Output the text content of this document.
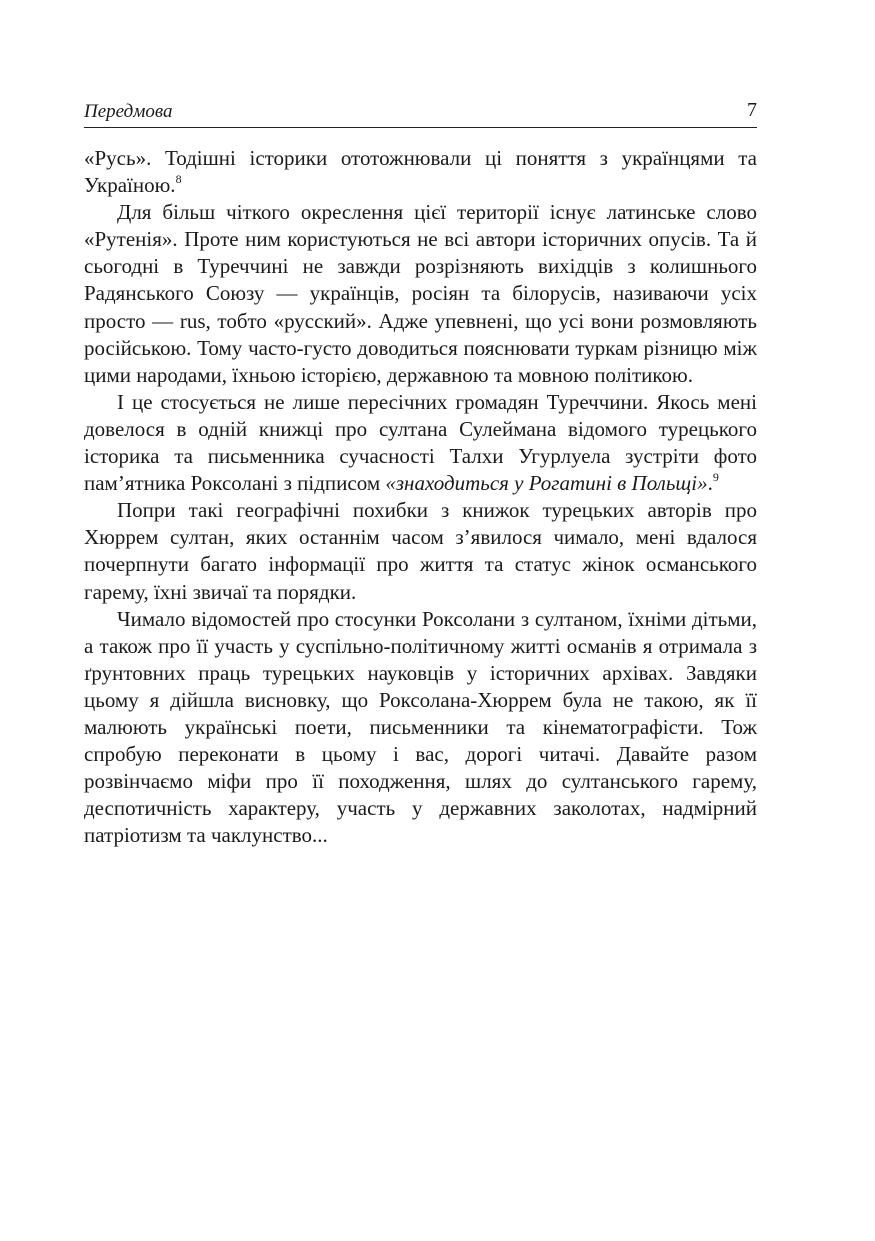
Передмова	7

«Русь». Тодішні історики ототожнювали ці поняття з українцями та Україною.$^8$

Для більш чіткого окреслення цієї території існує латинське слово «Рутенія». Проте ним користуються не всі автори історичних опусів. Та й сьогодні в Туреччині не завжди розрізняють вихідців з колишнього Радянського Союзу — українців, росіян та білорусів, називаючи усіх просто — rus, тобто «русский». Адже упевнені, що усі вони розмовляють російською. Тому часто-густо доводиться пояснювати туркам різницю між цими народами, їхньою історією, державною та мовною політикою.

І це стосується не лише пересічних громадян Туреччини. Якось мені довелося в одній книжці про султана Сулеймана відомого турецького історика та письменника сучасності Талхи Угурлуела зустріти фото пам’ятника Роксолані з підписом «знаходиться у Рогатині в Польщі».$^9$

Попри такі географічні похибки з книжок турецьких авторів про Хюррем султан, яких останнім часом з’явилося чимало, мені вдалося почерпнути багато інформації про життя та статус жінок османського гарему, їхні звичаї та порядки.

Чимало відомостей про стосунки Роксолани з султаном, їхніми дітьми, а також про її участь у суспільно-політичному житті османів я отримала з ґрунтовних праць турецьких науковців у історичних архівах. Завдяки цьому я дійшла висновку, що Роксолана-Хюррем була не такою, як її малюють українські поети, письменники та кінематографісти. Тож спробую переконати в цьому і вас, дорогі читачі. Давайте разом розвінчаємо міфи про її походження, шлях до султанського гарему, деспотичність характеру, участь у державних заколотах, надмірний патріотизм та чаклунство...
